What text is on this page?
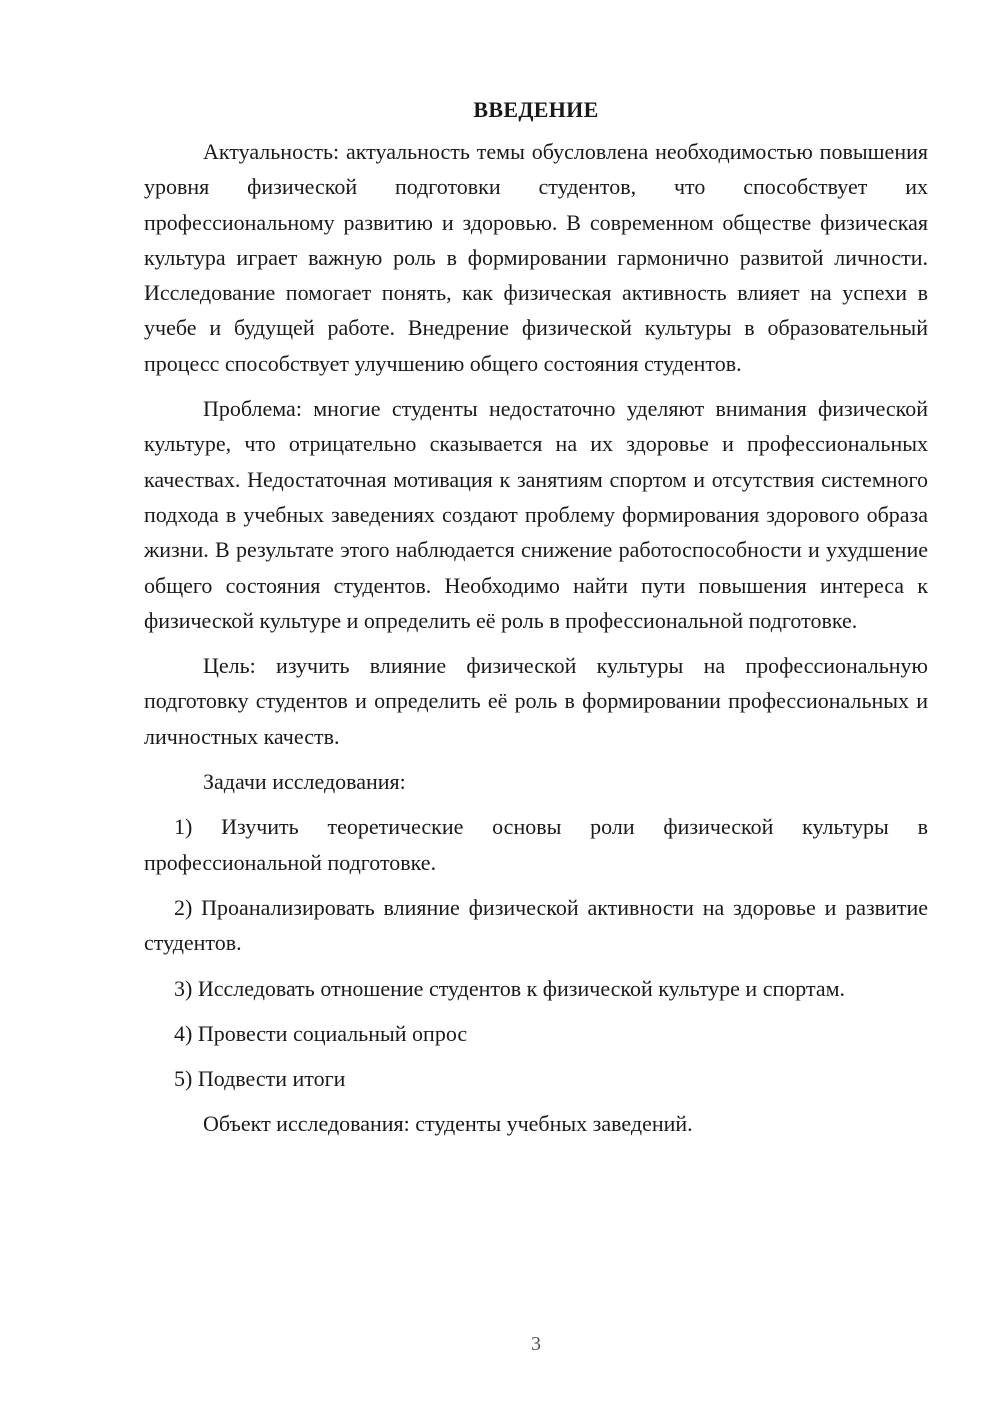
ВВЕДЕНИЕ

Актуальность: актуальность темы обусловлена необходимостью повышения уровня физической подготовки студентов, что способствует их профессиональному развитию и здоровью. В современном обществе физическая культура играет важную роль в формировании гармонично развитой личности. Исследование помогает понять, как физическая активность влияет на успехи в учебе и будущей работе. Внедрение физической культуры в образовательный процесс способствует улучшению общего состояния студентов.

Проблема: многие студенты недостаточно уделяют внимания физической культуре, что отрицательно сказывается на их здоровье и профессиональных качествах. Недостаточная мотивация к занятиям спортом и отсутствия системного подхода в учебных заведениях создают проблему формирования здорового образа жизни. В результате этого наблюдается снижение работоспособности и ухудшение общего состояния студентов. Необходимо найти пути повышения интереса к физической культуре и определить её роль в профессиональной подготовке.

Цель: изучить влияние физической культуры на профессиональную подготовку студентов и определить её роль в формировании профессиональных и личностных качеств.

Задачи исследования:

1) Изучить теоретические основы роли физической культуры в профессиональной подготовке.

2) Проанализировать влияние физической активности на здоровье и развитие студентов.

3) Исследовать отношение студентов к физической культуре и спортам.

4) Провести социальный опрос

5) Подвести итоги

Объект исследования: студенты учебных заведений.

3
